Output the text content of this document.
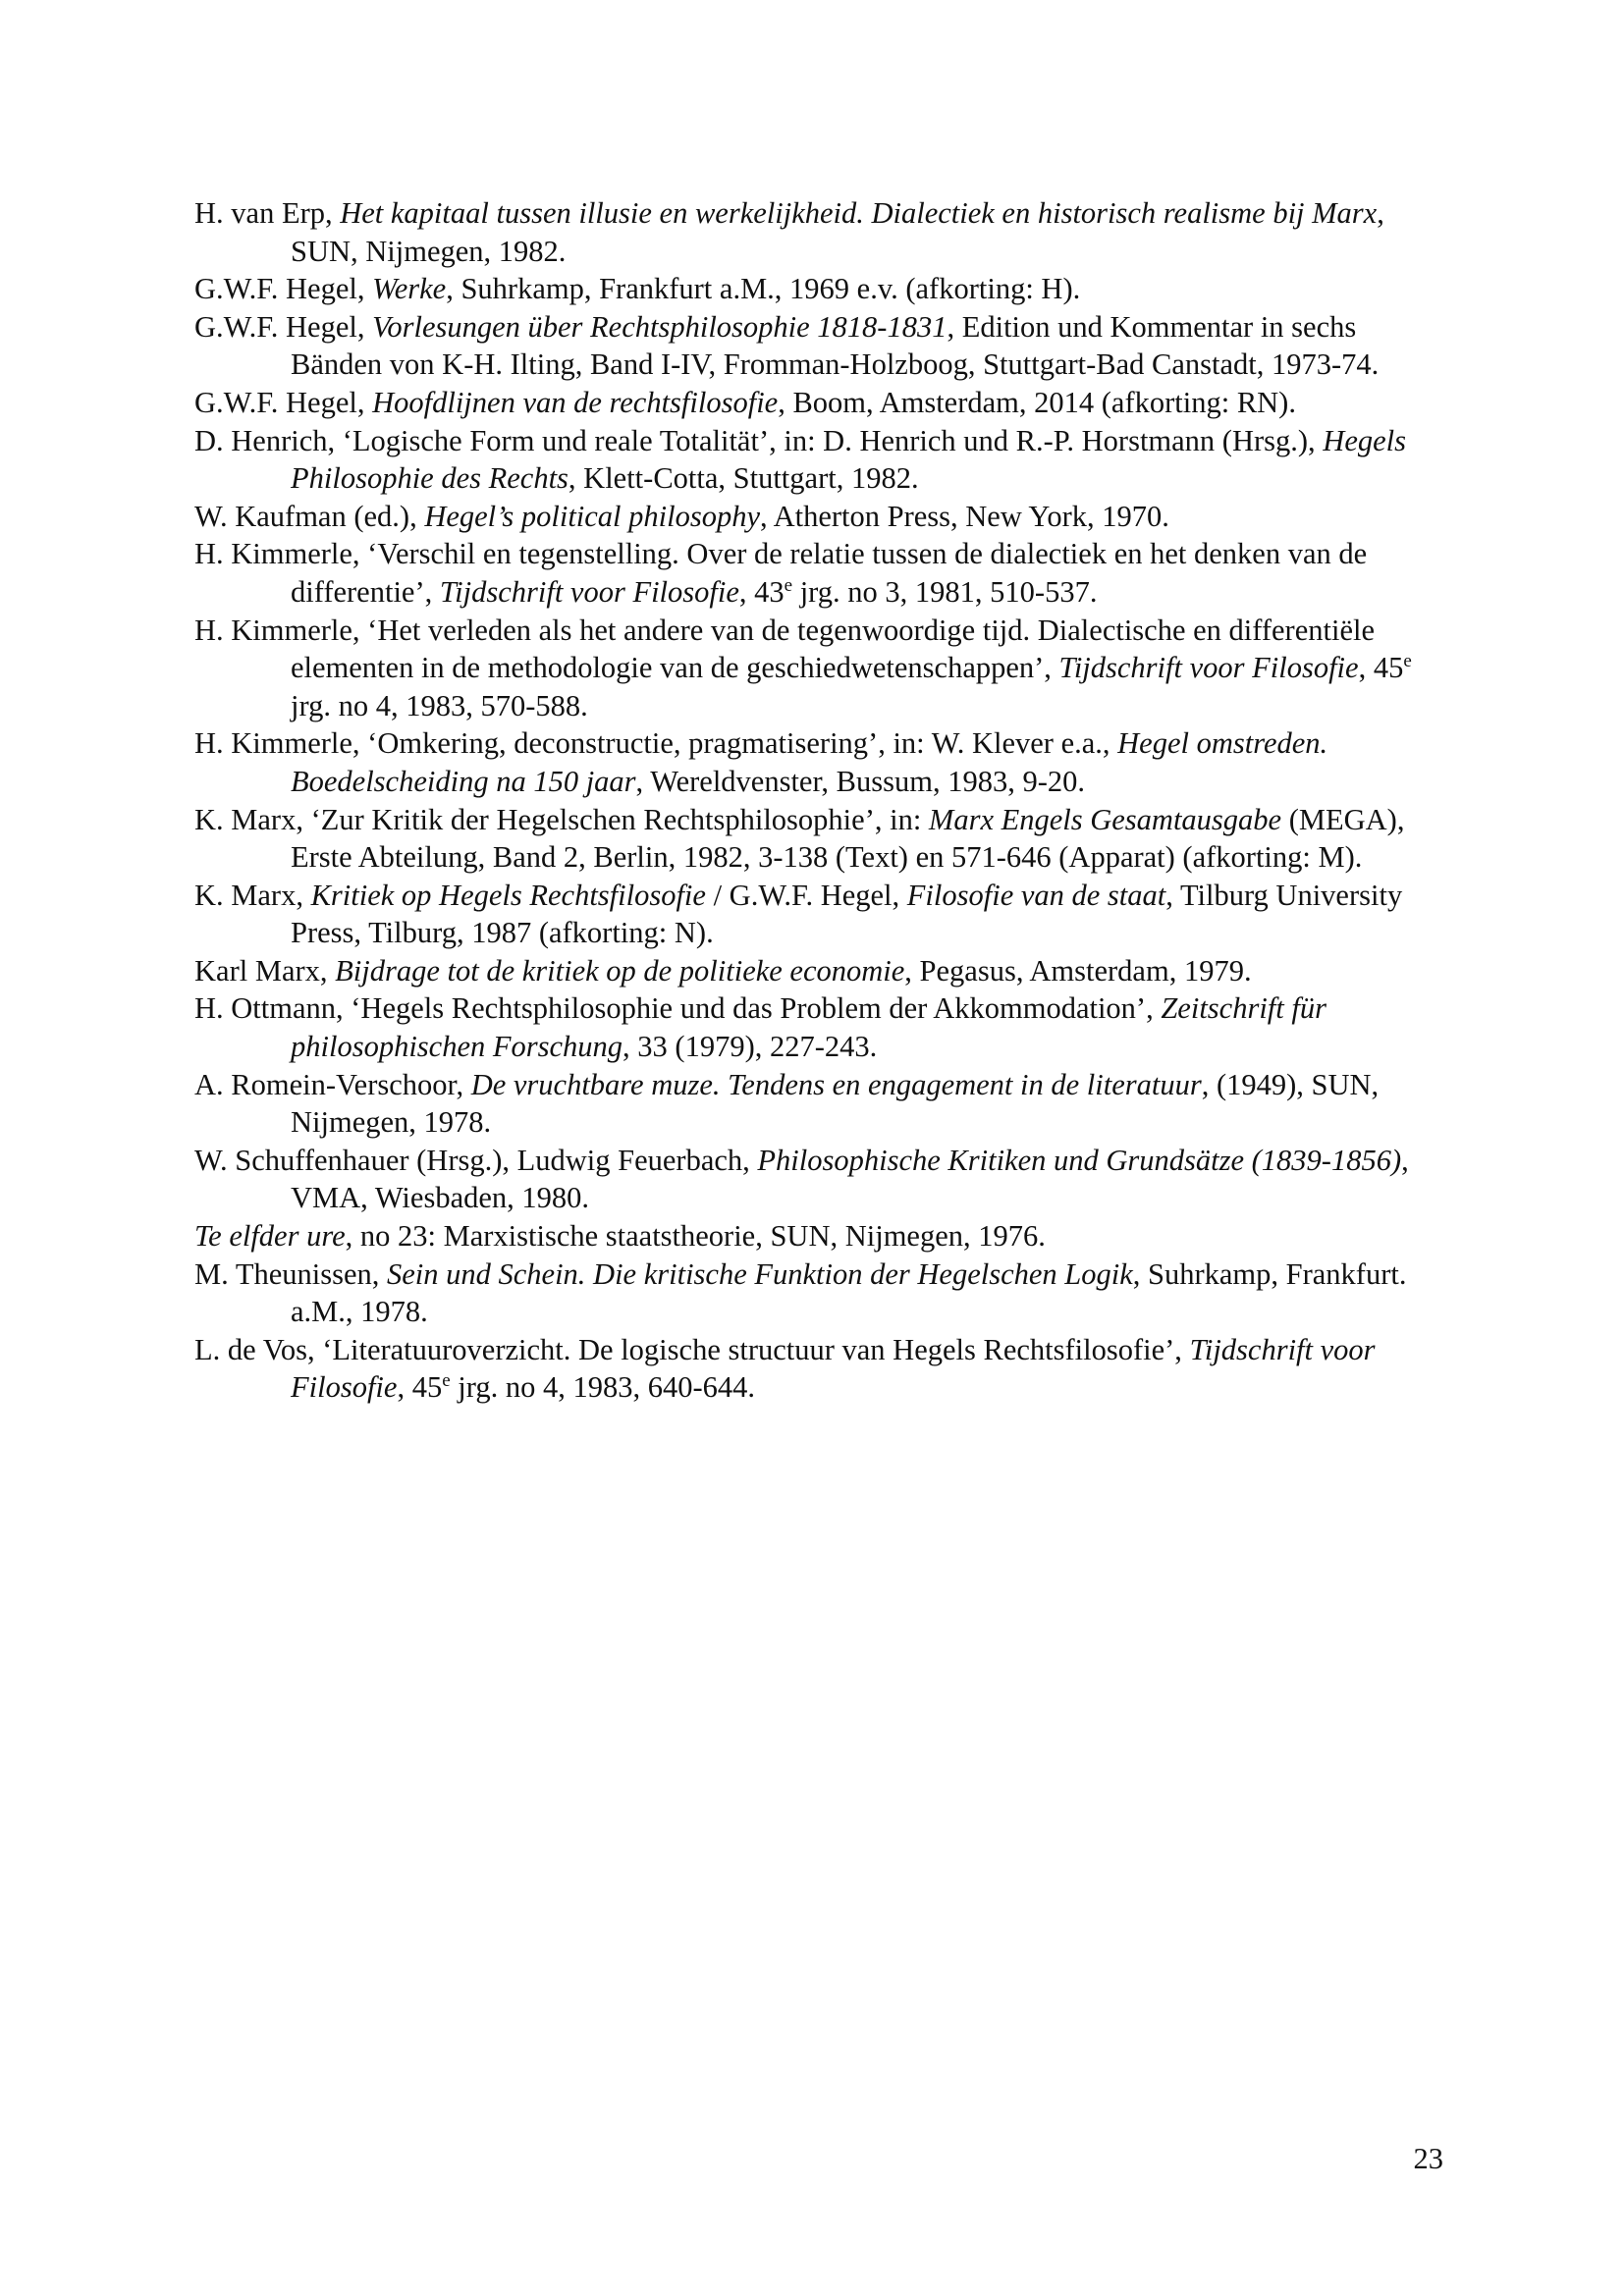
H. van Erp, Het kapitaal tussen illusie en werkelijkheid. Dialectiek en historisch realisme bij Marx, SUN, Nijmegen, 1982.
G.W.F. Hegel, Werke, Suhrkamp, Frankfurt a.M., 1969 e.v. (afkorting: H).
G.W.F. Hegel, Vorlesungen über Rechtsphilosophie 1818-1831, Edition und Kommentar in sechs Bänden von K-H. Ilting, Band I-IV, Fromman-Holzboog, Stuttgart-Bad Canstadt, 1973-74.
G.W.F. Hegel, Hoofdlijnen van de rechtsfilosofie, Boom, Amsterdam, 2014 (afkorting: RN).
D. Henrich, ‘Logische Form und reale Totalität’, in: D. Henrich und R.-P. Horstmann (Hrsg.), Hegels Philosophie des Rechts, Klett-Cotta, Stuttgart, 1982.
W. Kaufman (ed.), Hegel’s political philosophy, Atherton Press, New York, 1970.
H. Kimmerle, ‘Verschil en tegenstelling. Over de relatie tussen de dialectiek en het denken van de differentie’, Tijdschrift voor Filosofie, 43e jrg. no 3, 1981, 510-537.
H. Kimmerle, ‘Het verleden als het andere van de tegenwoordige tijd. Dialectische en differentiële elementen in de methodologie van de geschiedwetenschappen’, Tijdschrift voor Filosofie, 45e jrg. no 4, 1983, 570-588.
H. Kimmerle, ‘Omkering, deconstructie, pragmatisering’, in: W. Klever e.a., Hegel omstreden. Boedelscheiding na 150 jaar, Wereldvenster, Bussum, 1983, 9-20.
K. Marx, ‘Zur Kritik der Hegelschen Rechtsphilosophie’, in: Marx Engels Gesamtausgabe (MEGA), Erste Abteilung, Band 2, Berlin, 1982, 3-138 (Text) en 571-646 (Apparat) (afkorting: M).
K. Marx, Kritiek op Hegels Rechtsfilosofie / G.W.F. Hegel, Filosofie van de staat, Tilburg University Press, Tilburg, 1987 (afkorting: N).
Karl Marx, Bijdrage tot de kritiek op de politieke economie, Pegasus, Amsterdam, 1979.
H. Ottmann, ‘Hegels Rechtsphilosophie und das Problem der Akkommodation’, Zeitschrift für philosophischen Forschung, 33 (1979), 227-243.
A. Romein-Verschoor, De vruchtbare muze. Tendens en engagement in de literatuur, (1949), SUN, Nijmegen, 1978.
W. Schuffenhauer (Hrsg.), Ludwig Feuerbach, Philosophische Kritiken und Grundsätze (1839-1856), VMA, Wiesbaden, 1980.
Te elfder ure, no 23: Marxistische staatstheorie, SUN, Nijmegen, 1976.
M. Theunissen, Sein und Schein. Die kritische Funktion der Hegelschen Logik, Suhrkamp, Frankfurt. a.M., 1978.
L. de Vos, ‘Literatuuroverzicht. De logische structuur van Hegels Rechtsfilosofie’, Tijdschrift voor Filosofie, 45e jrg. no 4, 1983, 640-644.
23
